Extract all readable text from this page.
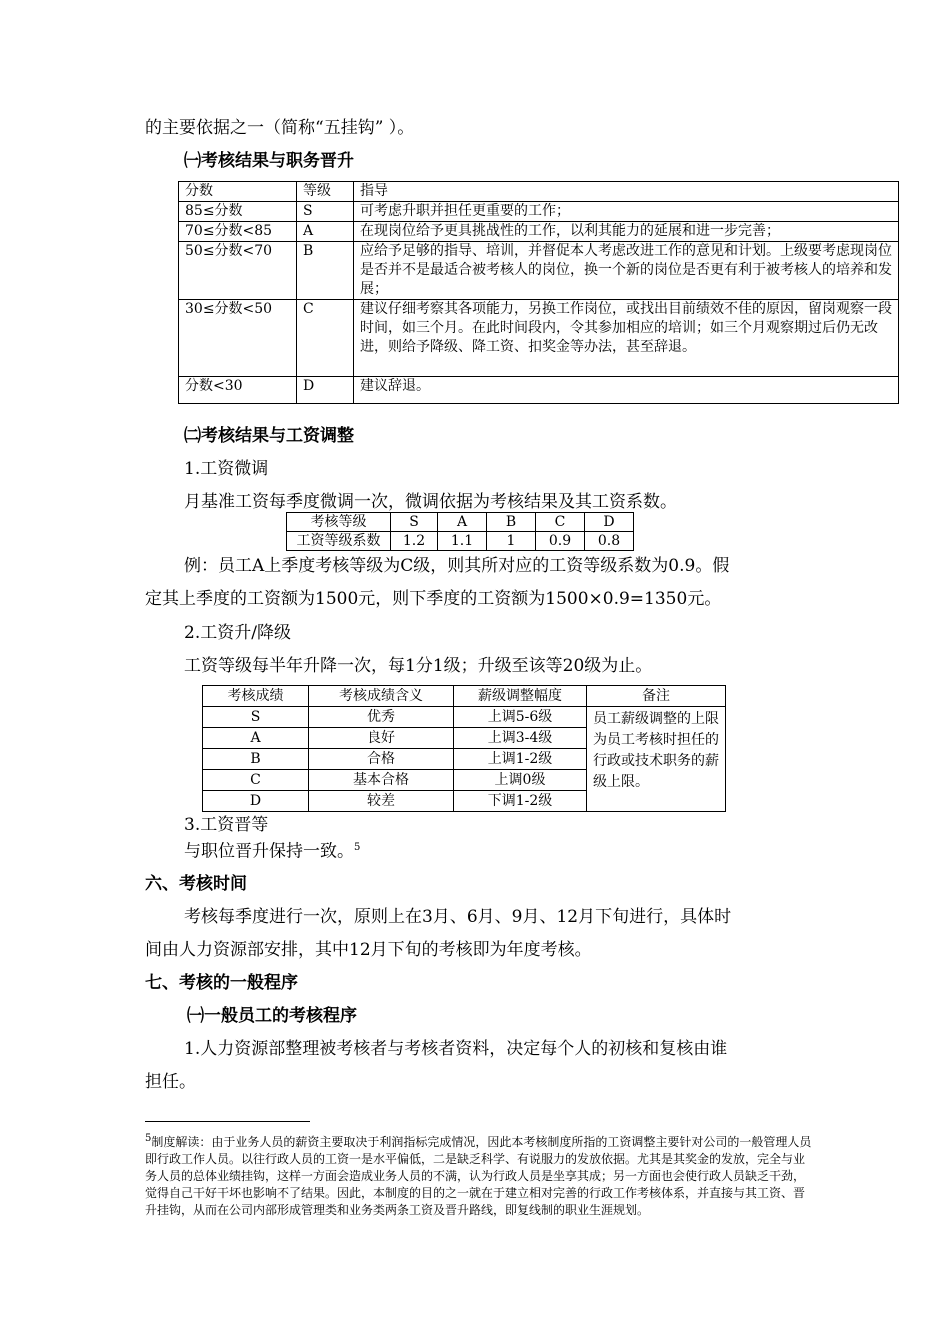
的主要依据之一（简称“五挂钩” ）。
㈠考核结果与职务晋升
分数	等级	指导
85≤分数	S	可考虑升职并担任更重要的工作；
70≤分数<85	A	在现岗位给予更具挑战性的工作，以利其能力的延展和进一步完善；
50≤分数<70	B	应给予足够的指导、培训，并督促本人考虑改进工作的意见和计划。上级要考虑现岗位是否并不是最适合被考核人的岗位，换一个新的岗位是否更有利于被考核人的培养和发展；
30≤分数<50	C	建议仔细考察其各项能力，另换工作岗位，或找出目前绩效不佳的原因，留岗观察一段时间，如三个月。在此时间段内，令其参加相应的培训；如三个月观察期过后仍无改进，则给予降级、降工资、扣奖金等办法，甚至辞退。
分数<30	D	建议辞退。
㈡考核结果与工资调整
1.工资微调
月基准工资每季度微调一次，微调依据为考核结果及其工资系数。
考核等级	S	A	B	C	D
工资等级系数	1.2	1.1	1	0.9	0.8
例：员工A上季度考核等级为C级，则其所对应的工资等级系数为0.9。假
定其上季度的工资额为1500元，则下季度的工资额为1500×0.9=1350元。
2.工资升/降级
工资等级每半年升降一次，每1分1级；升级至该等20级为止。
考核成绩	考核成绩含义	薪级调整幅度	备注
S	优秀	上调5-6级	员工薪级调整的上限为员工考核时担任的行政或技术职务的薪级上限。
A	良好	上调3-4级	
B	合格	上调1-2级	
C	基本合格	上调0级	
D	较差	下调1-2级	
3.工资晋等
与职位晋升保持一致。$^5$
六、考核时间
考核每季度进行一次，原则上在3月、6月、9月、12月下旬进行，具体时
间由人力资源部安排，其中12月下旬的考核即为年度考核。
七、考核的一般程序
㈠一般员工的考核程序
1.人力资源部整理被考核者与考核者资料，决定每个人的初核和复核由谁
担任。
$^5$制度解读：由于业务人员的薪资主要取决于利润指标完成情况，因此本考核制度所指的工资调整主要针对公司的一般管理人员即行政工作人员。以往行政人员的工资一是水平偏低，二是缺乏科学、有说服力的发放依据。尤其是其奖金的发放，完全与业务人员的总体业绩挂钩，这样一方面会造成业务人员的不满，认为行政人员是坐享其成；另一方面也会使行政人员缺乏干劲，觉得自己干好干坏也影响不了结果。因此，本制度的目的之一就在于建立相对完善的行政工作考核体系，并直接与其工资、晋升挂钩，从而在公司内部形成管理类和业务类两条工资及晋升路线，即复线制的职业生涯规划。
